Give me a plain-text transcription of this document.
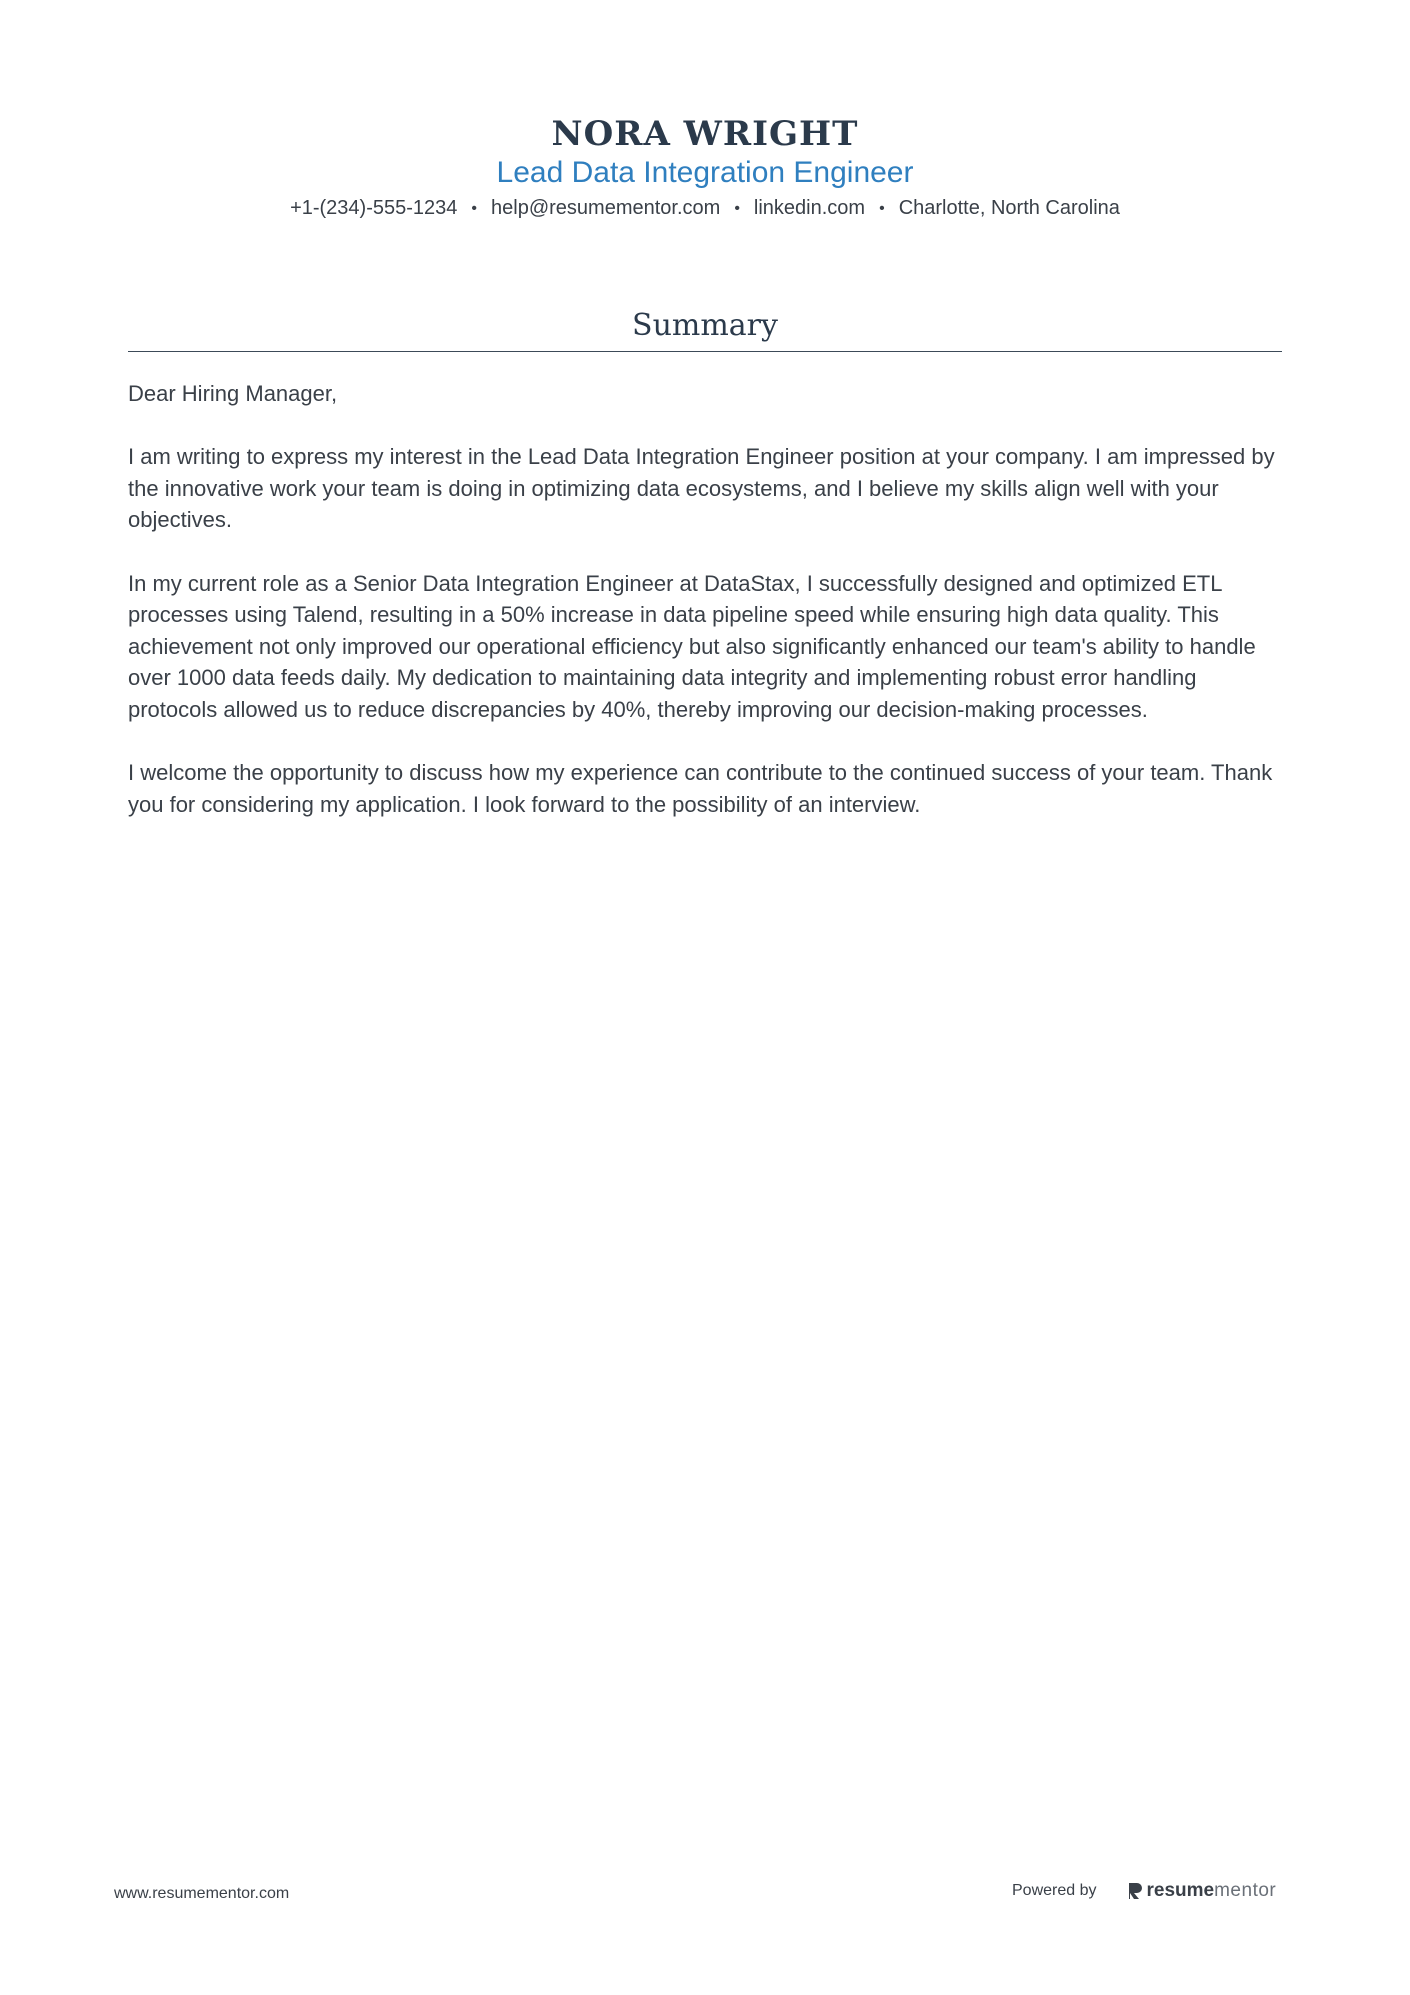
NORA WRIGHT
Lead Data Integration Engineer
+1-(234)-555-1234 • help@resumementor.com • linkedin.com • Charlotte, North Carolina
Summary

Dear Hiring Manager,

I am writing to express my interest in the Lead Data Integration Engineer position at your company. I am impressed by the innovative work your team is doing in optimizing data ecosystems, and I believe my skills align well with your objectives.

In my current role as a Senior Data Integration Engineer at DataStax, I successfully designed and optimized ETL processes using Talend, resulting in a 50% increase in data pipeline speed while ensuring high data quality. This achievement not only improved our operational efficiency but also significantly enhanced our team's ability to handle over 1000 data feeds daily. My dedication to maintaining data integrity and implementing robust error handling protocols allowed us to reduce discrepancies by 40%, thereby improving our decision-making processes.

I welcome the opportunity to discuss how my experience can contribute to the continued success of your team. Thank you for considering my application. I look forward to the possibility of an interview.

www.resumementor.com	Powered by	resume mentor
